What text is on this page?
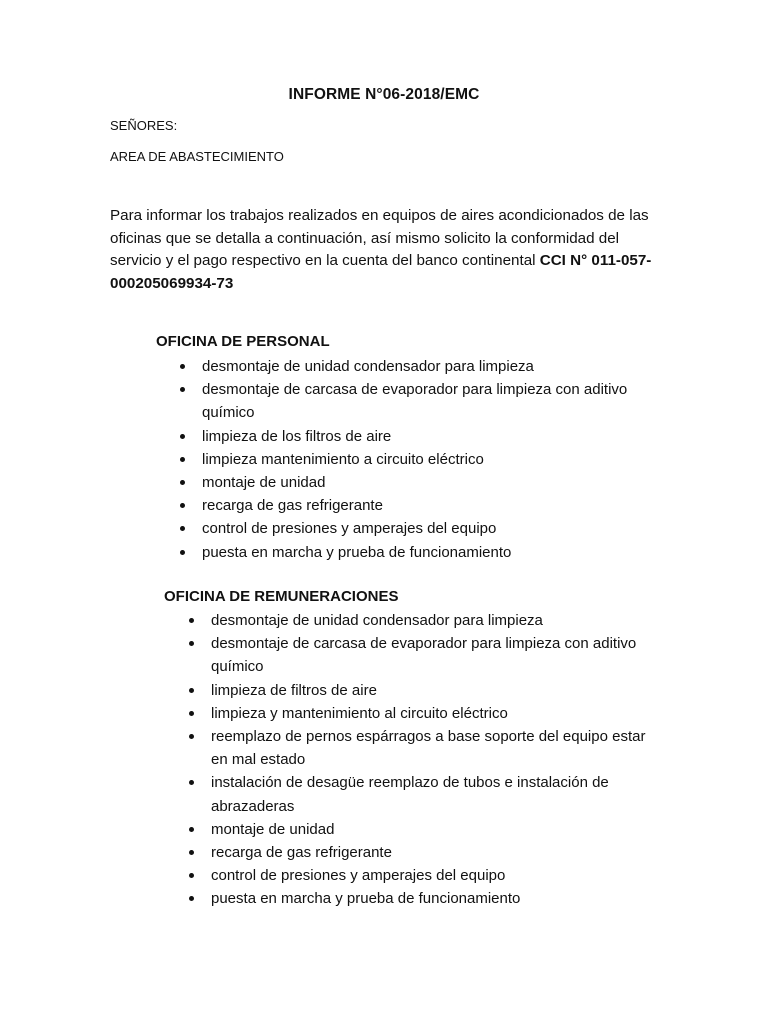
INFORME N°06-2018/EMC
SEÑORES:
AREA DE ABASTECIMIENTO
Para informar los trabajos realizados en equipos de aires acondicionados de las oficinas que se detalla a continuación, así mismo solicito la conformidad del servicio y el pago respectivo en la cuenta del banco continental CCI N° 011-057-000205069934-73
OFICINA DE PERSONAL
desmontaje de unidad condensador para limpieza
desmontaje de carcasa de evaporador para limpieza con aditivo químico
limpieza de los filtros de aire
limpieza mantenimiento a circuito eléctrico
montaje de unidad
recarga de gas refrigerante
control de presiones y amperajes del equipo
puesta en marcha y prueba de funcionamiento
OFICINA DE REMUNERACIONES
desmontaje de unidad condensador para limpieza
desmontaje de carcasa de evaporador para limpieza con aditivo químico
limpieza de filtros de aire
limpieza y mantenimiento al circuito eléctrico
reemplazo de pernos espárragos a base soporte del equipo estar en mal estado
instalación de desagüe reemplazo de tubos e instalación de abrazaderas
montaje de unidad
recarga de gas refrigerante
control de presiones y amperajes del equipo
puesta en marcha y prueba de funcionamiento
